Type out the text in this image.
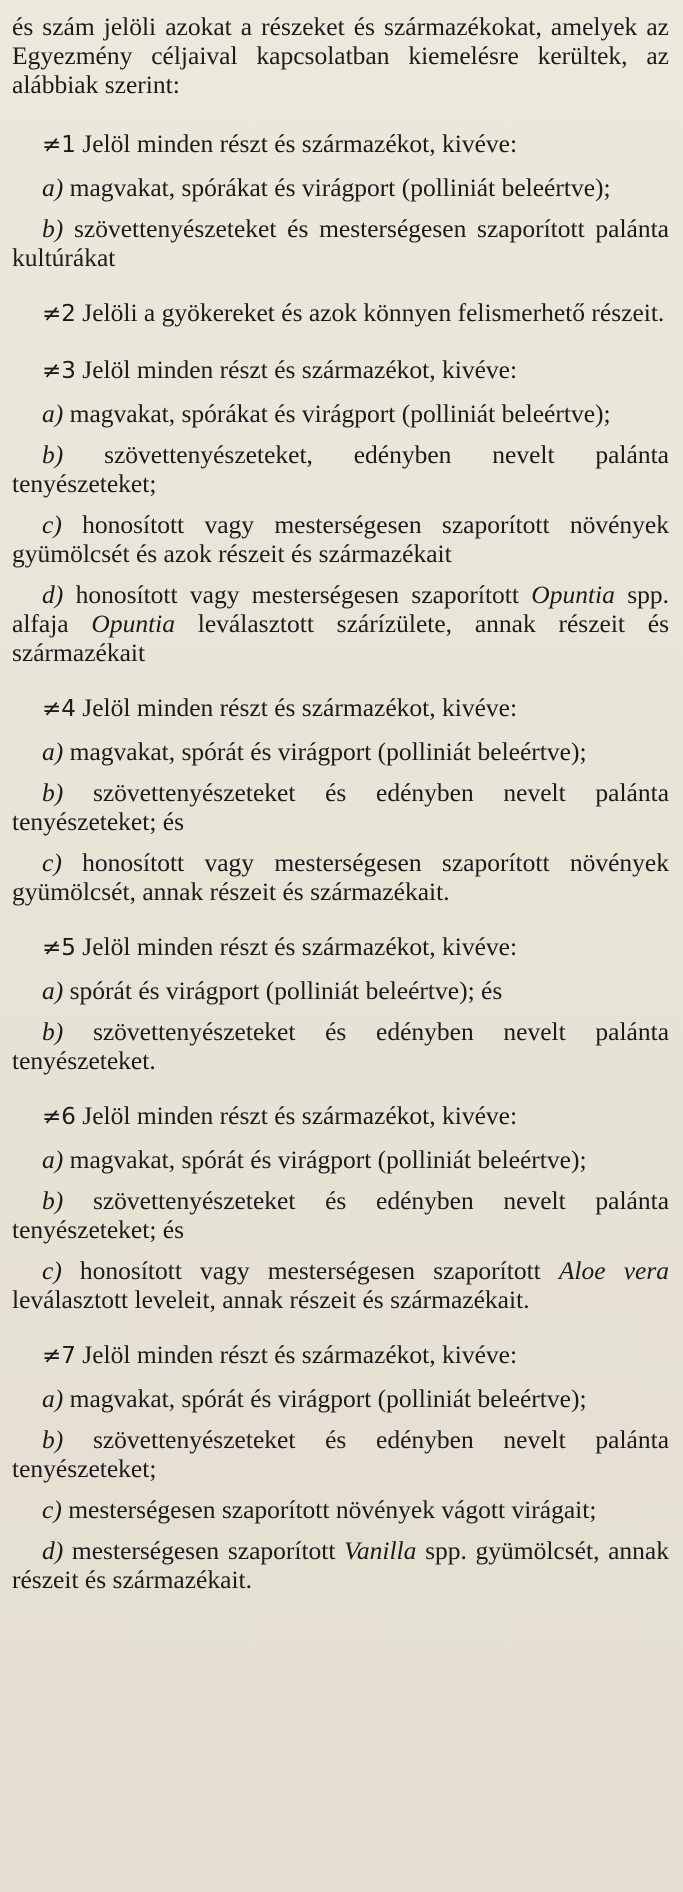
és szám jelöli azokat a részeket és származékokat, amelyek az Egyezmény céljaival kapcsolatban kiemelésre kerültek, az alábbiak szerint:

≠1 Jelöl minden részt és származékot, kivéve:

a) magvakat, spórákat és virágport (polliniát beleértve);

b) szövettenyészeteket és mesterségesen szaporított palánta kultúrákat

≠2 Jelöli a gyökereket és azok könnyen felismerhető részeit.

≠3 Jelöl minden részt és származékot, kivéve:

a) magvakat, spórákat és virágport (polliniát beleértve);

b) szövettenyészeteket, edényben nevelt palánta tenyészeteket;

c) honosított vagy mesterségesen szaporított növények gyümölcsét és azok részeit és származékait

d) honosított vagy mesterségesen szaporított Opuntia spp. alfaja Opuntia leválasztott szárízülete, annak részeit és származékait

≠4 Jelöl minden részt és származékot, kivéve:

a) magvakat, spórát és virágport (polliniát beleértve);

b) szövettenyészeteket és edényben nevelt palánta tenyészeteket; és

c) honosított vagy mesterségesen szaporított növények gyümölcsét, annak részeit és származékait.

≠5 Jelöl minden részt és származékot, kivéve:

a) spórát és virágport (polliniát beleértve); és

b) szövettenyészeteket és edényben nevelt palánta tenyészeteket.

≠6 Jelöl minden részt és származékot, kivéve:

a) magvakat, spórát és virágport (polliniát beleértve);

b) szövettenyészeteket és edényben nevelt palánta tenyészeteket; és

c) honosított vagy mesterségesen szaporított Aloe vera leválasztott leveleit, annak részeit és származékait.

≠7 Jelöl minden részt és származékot, kivéve:

a) magvakat, spórát és virágport (polliniát beleértve);

b) szövettenyészeteket és edényben nevelt palánta tenyészeteket;

c) mesterségesen szaporított növények vágott virágait;

d) mesterségesen szaporított Vanilla spp. gyümölcsét, annak részeit és származékait.
